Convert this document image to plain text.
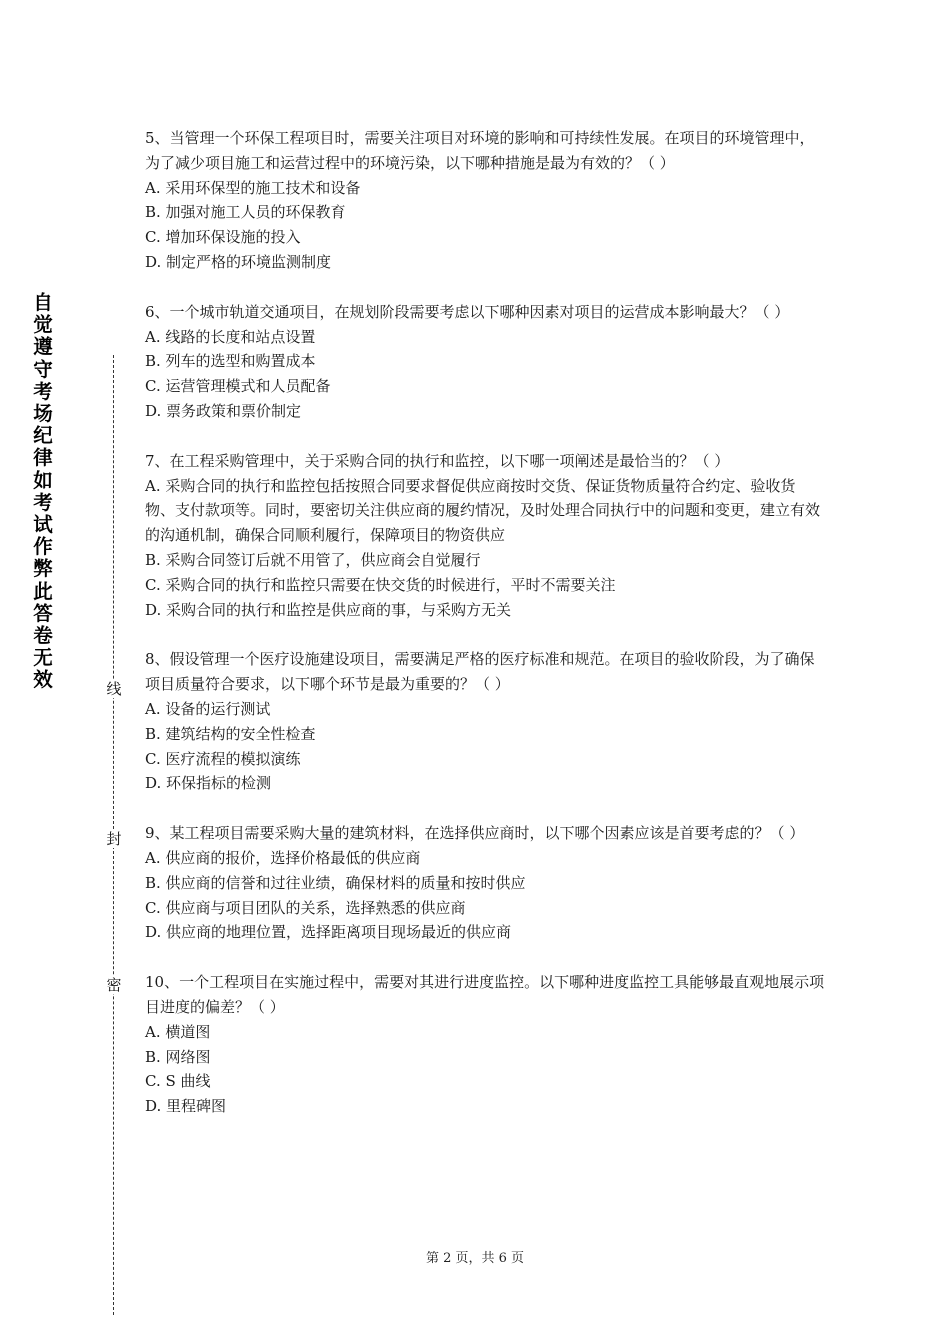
自觉遵守考场纪律如考试作弊此答卷无效	线
封
密

5、当管理一个环保工程项目时，需要关注项目对环境的影响和可持续性发展。在项目的环境管理中，为了减少项目施工和运营过程中的环境污染，以下哪种措施是最为有效的？（ ）

A. 采用环保型的施工技术和设备

B. 加强对施工人员的环保教育

C. 增加环保设施的投入

D. 制定严格的环境监测制度

6、一个城市轨道交通项目，在规划阶段需要考虑以下哪种因素对项目的运营成本影响最大？（ ）

A. 线路的长度和站点设置

B. 列车的选型和购置成本

C. 运营管理模式和人员配备

D. 票务政策和票价制定

7、在工程采购管理中，关于采购合同的执行和监控，以下哪一项阐述是最恰当的？（ ）

A. 采购合同的执行和监控包括按照合同要求督促供应商按时交货、保证货物质量符合约定、验收货物、支付款项等。同时，要密切关注供应商的履约情况，及时处理合同执行中的问题和变更，建立有效的沟通机制，确保合同顺利履行，保障项目的物资供应

B. 采购合同签订后就不用管了，供应商会自觉履行

C. 采购合同的执行和监控只需要在快交货的时候进行，平时不需要关注

D. 采购合同的执行和监控是供应商的事，与采购方无关

8、假设管理一个医疗设施建设项目，需要满足严格的医疗标准和规范。在项目的验收阶段，为了确保项目质量符合要求，以下哪个环节是最为重要的？（ ）

A. 设备的运行测试

B. 建筑结构的安全性检查

C. 医疗流程的模拟演练

D. 环保指标的检测

9、某工程项目需要采购大量的建筑材料，在选择供应商时，以下哪个因素应该是首要考虑的？（ ）

A. 供应商的报价，选择价格最低的供应商

B. 供应商的信誉和过往业绩，确保材料的质量和按时供应

C. 供应商与项目团队的关系，选择熟悉的供应商

D. 供应商的地理位置，选择距离项目现场最近的供应商

10、一个工程项目在实施过程中，需要对其进行进度监控。以下哪种进度监控工具能够最直观地展示项目进度的偏差？（ ）

A. 横道图

B. 网络图

C. S 曲线

D. 里程碑图

第 2 页，共 6 页
